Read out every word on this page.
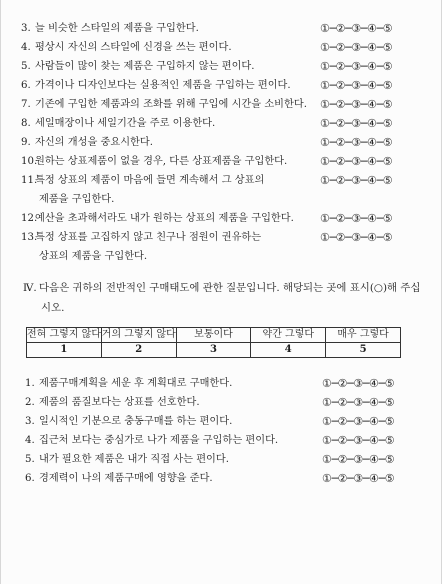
3. 늘 비슷한 스타일의 제품을 구입한다.	①─②─③─④─⑤
4. 평상시 자신의 스타일에 신경을 쓰는 편이다.	①─②─③─④─⑤
5. 사람들이 많이 찾는 제품은 구입하지 않는 편이다.	①─②─③─④─⑤
6. 가격이나 디자인보다는 실용적인 제품을 구입하는 편이다.	①─②─③─④─⑤
7. 기존에 구입한 제품과의 조화를 위해 구입에 시간을 소비한다.	①─②─③─④─⑤
8. 세일매장이나 세일기간을 주로 이용한다.	①─②─③─④─⑤
9. 자신의 개성을 중요시한다.	①─②─③─④─⑤
10.원하는 상표제품이 없을 경우, 다른 상표제품을 구입한다.	①─②─③─④─⑤
11.특정 상표의 제품이 마음에 들면 계속해서 그 상표의	①─②─③─④─⑤
제품을 구입한다.
12.예산을 초과해서라도 내가 원하는 상표의 제품을 구입한다.	①─②─③─④─⑤
13.특정 상표를 고집하지 않고 친구나 점원이 권유하는	①─②─③─④─⑤
상표의 제품을 구입한다.
Ⅳ. 다음은 귀하의 전반적인 구매태도에 관한 질문입니다. 해당되는 곳에 표시(○)해 주십
시오.
전혀 그렇지 않다	거의 그렇지 않다	보통이다	약간 그렇다	매우 그렇다
1	2	3	4	5
1. 제품구매계획을 세운 후 계획대로 구매한다.	①─②─③─④─⑤
2. 제품의 품질보다는 상표를 선호한다.	①─②─③─④─⑤
3. 일시적인 기분으로 충동구매를 하는 편이다.	①─②─③─④─⑤
4. 집근처 보다는 중심가로 나가 제품을 구입하는 편이다.	①─②─③─④─⑤
5. 내가 필요한 제품은 내가 직접 사는 편이다.	①─②─③─④─⑤
6. 경제력이 나의 제품구매에 영향을 준다.	①─②─③─④─⑤
